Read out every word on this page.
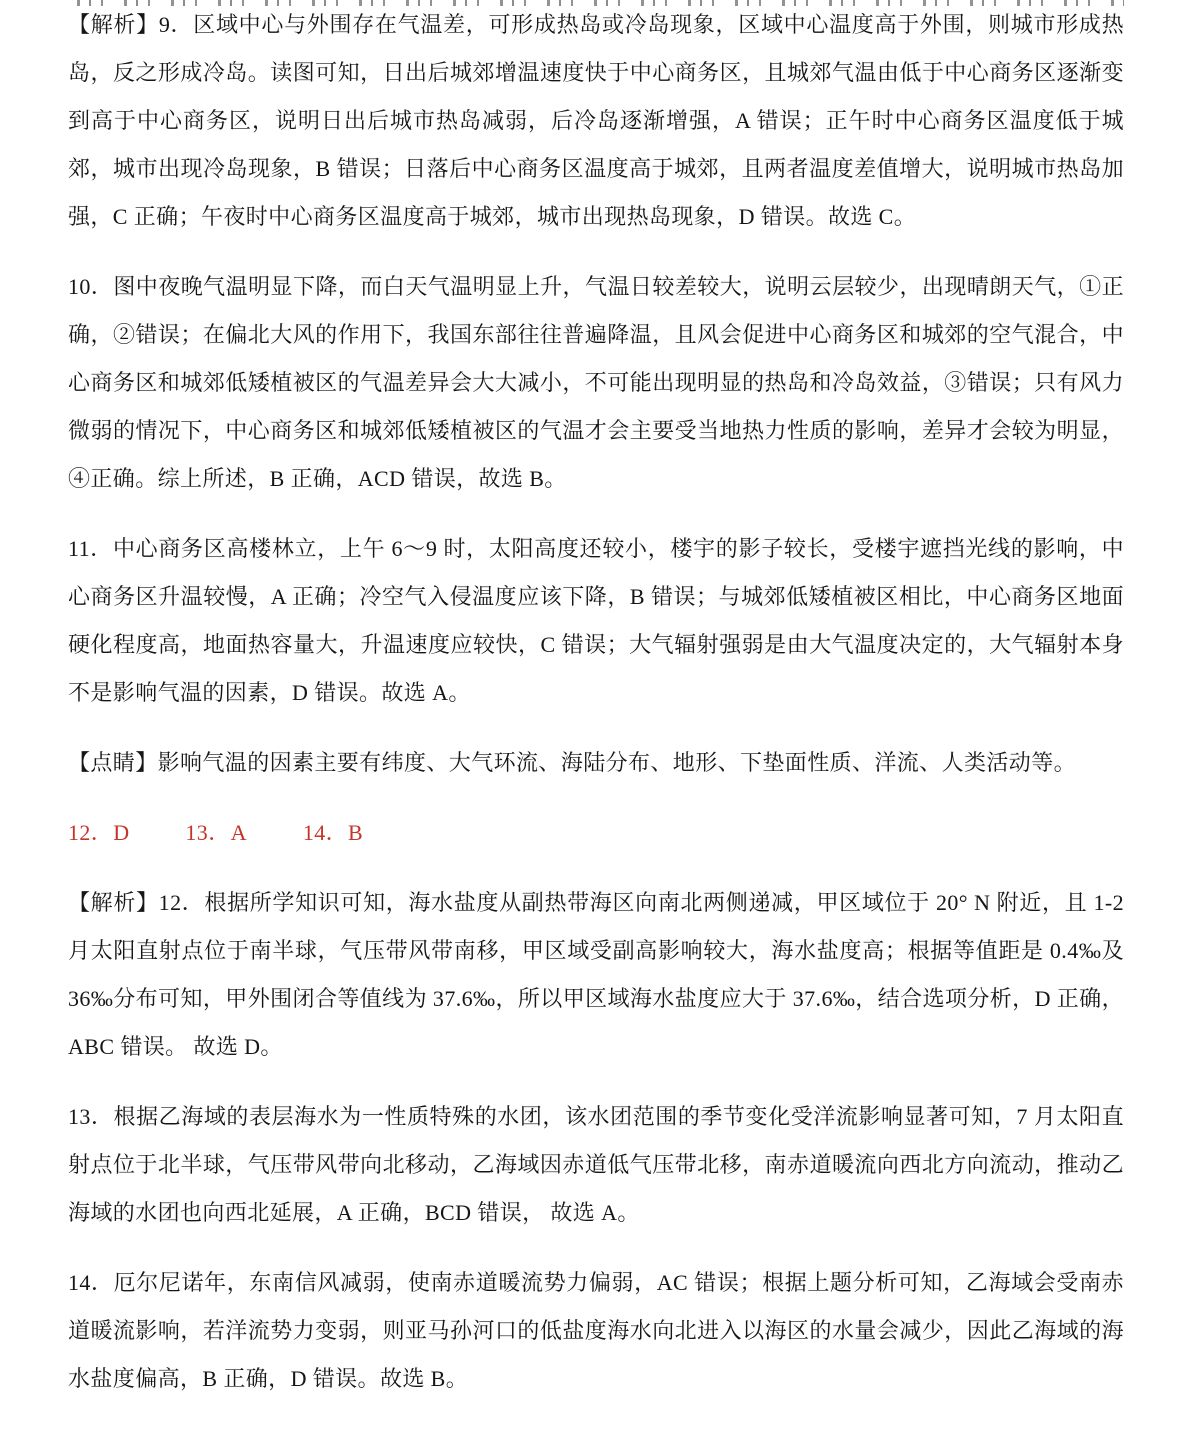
【解析】9．区域中心与外围存在气温差，可形成热岛或冷岛现象，区域中心温度高于外围，则城市形成热岛，反之形成冷岛。读图可知，日出后城郊增温速度快于中心商务区，且城郊气温由低于中心商务区逐渐变到高于中心商务区，说明日出后城市热岛减弱，后冷岛逐渐增强，A 错误；正午时中心商务区温度低于城郊，城市出现冷岛现象，B 错误；日落后中心商务区温度高于城郊，且两者温度差值增大，说明城市热岛加强，C 正确；午夜时中心商务区温度高于城郊，城市出现热岛现象，D 错误。故选 C。

10．图中夜晚气温明显下降，而白天气温明显上升，气温日较差较大，说明云层较少，出现晴朗天气，①正确，②错误；在偏北大风的作用下，我国东部往往普遍降温，且风会促进中心商务区和城郊的空气混合，中心商务区和城郊低矮植被区的气温差异会大大减小，不可能出现明显的热岛和冷岛效益，③错误；只有风力微弱的情况下，中心商务区和城郊低矮植被区的气温才会主要受当地热力性质的影响，差异才会较为明显，④正确。综上所述，B 正确，ACD 错误，故选 B。

11．中心商务区高楼林立，上午 6～9 时，太阳高度还较小，楼宇的影子较长，受楼宇遮挡光线的影响，中心商务区升温较慢，A 正确；冷空气入侵温度应该下降，B 错误；与城郊低矮植被区相比，中心商务区地面硬化程度高，地面热容量大，升温速度应较快，C 错误；大气辐射强弱是由大气温度决定的，大气辐射本身不是影响气温的因素，D 错误。故选 A。

【点睛】影响气温的因素主要有纬度、大气环流、海陆分布、地形、下垫面性质、洋流、人类活动等。

12．D	13．A	14．B

【解析】12．根据所学知识可知，海水盐度从副热带海区向南北两侧递减，甲区域位于 20° N 附近，且 1-2 月太阳直射点位于南半球，气压带风带南移，甲区域受副高影响较大，海水盐度高；根据等值距是 0.4‰及 36‰分布可知，甲外围闭合等值线为 37.6‰，所以甲区域海水盐度应大于 37.6‰，结合选项分析，D 正确，ABC 错误。 故选 D。

13．根据乙海域的表层海水为一性质特殊的水团，该水团范围的季节变化受洋流影响显著可知，7 月太阳直射点位于北半球，气压带风带向北移动，乙海域因赤道低气压带北移，南赤道暖流向西北方向流动，推动乙海域的水团也向西北延展，A 正确，BCD 错误， 故选 A。

14．厄尔尼诺年，东南信风减弱，使南赤道暖流势力偏弱，AC 错误；根据上题分析可知，乙海域会受南赤道暖流影响，若洋流势力变弱，则亚马孙河口的低盐度海水向北进入以海区的水量会减少，因此乙海域的海水盐度偏高，B 正确，D 错误。故选 B。
